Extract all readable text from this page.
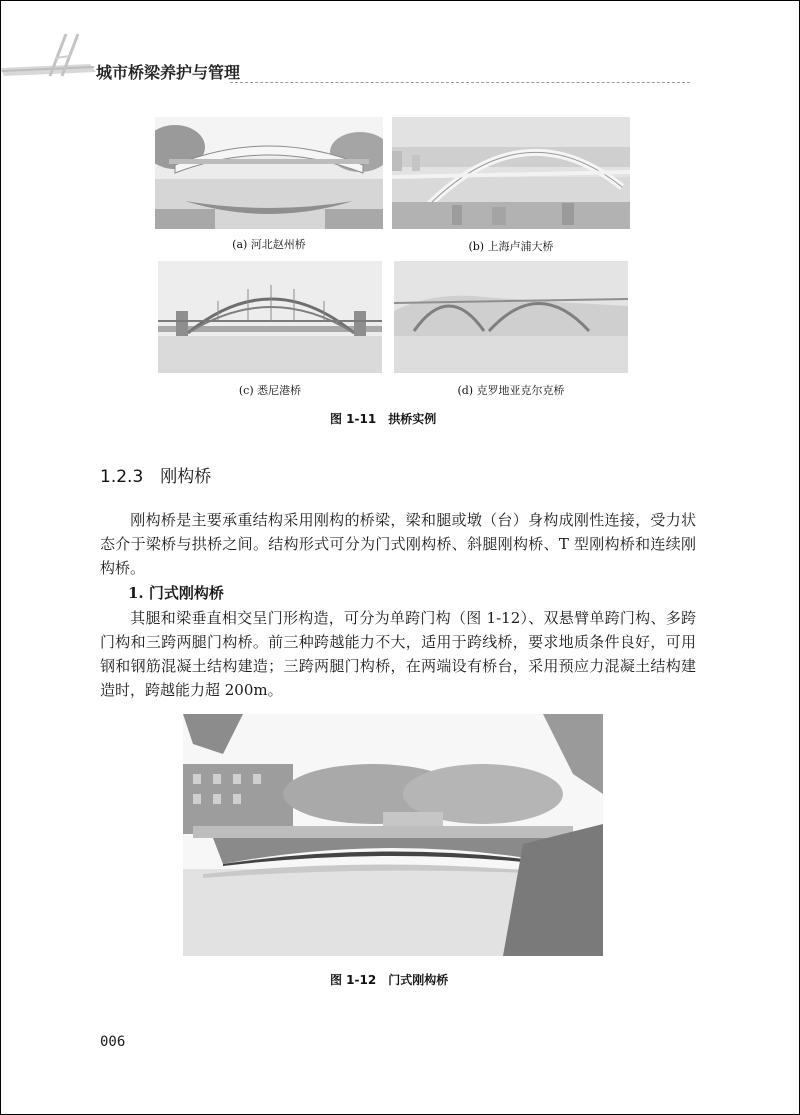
城市桥梁养护与管理
(a) 河北赵州桥	(b) 上海卢浦大桥
(c) 悉尼港桥	(d) 克罗地亚克尔克桥
图 1-11　拱桥实例
1.2.3　刚构桥
刚构桥是主要承重结构采用刚构的桥梁，梁和腿或墩（台）身构成刚性连接，受力状态介于梁桥与拱桥之间。结构形式可分为门式刚构桥、斜腿刚构桥、T 型刚构桥和连续刚构桥。
1. 门式刚构桥
其腿和梁垂直相交呈门形构造，可分为单跨门构（图 1-12）、双悬臂单跨门构、多跨门构和三跨两腿门构桥。前三种跨越能力不大，适用于跨线桥，要求地质条件良好，可用钢和钢筋混凝土结构建造；三跨两腿门构桥，在两端设有桥台，采用预应力混凝土结构建造时，跨越能力超 200m。
图 1-12　门式刚构桥
006
